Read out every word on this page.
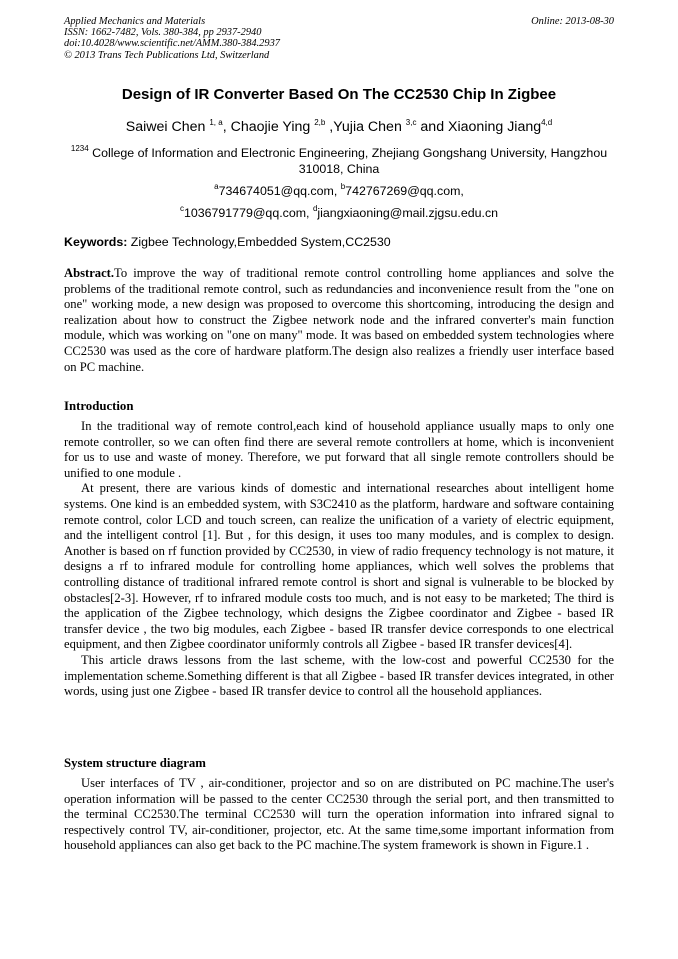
Applied Mechanics and Materials
ISSN: 1662-7482, Vols. 380-384, pp 2937-2940
doi:10.4028/www.scientific.net/AMM.380-384.2937
© 2013 Trans Tech Publications Ltd, Switzerland
Online: 2013-08-30
Design of IR Converter Based On The CC2530 Chip In Zigbee
Saiwei Chen $^{1, a}$, Chaojie Ying $^{2,b}$ ,Yujia Chen $^{3,c}$ and Xiaoning Jiang$^{4,d}$
$^{1234}$ College of Information and Electronic Engineering, Zhejiang Gongshang University, Hangzhou 310018, China
$^a$734674051@qq.com, $^b$742767269@qq.com,
$^c$1036791779@qq.com, $^d$jiangxiaoning@mail.zjgsu.edu.cn
Keywords: Zigbee Technology,Embedded System,CC2530

Abstract.To improve the way of traditional remote control controlling home appliances and solve the problems of the traditional remote control, such as redundancies and inconvenience result from the "one on one" working mode, a new design was proposed to overcome this shortcoming, introducing the design and realization about how to construct the Zigbee network node and the infrared converter's main function module, which was working on "one on many" mode. It was based on embedded system technologies where CC2530 was used as the core of hardware platform.The design also realizes a friendly user interface based on PC machine.

Introduction

In the traditional way of remote control,each kind of household appliance usually maps to only one remote controller, so we can often find there are several remote controllers at home, which is inconvenient for us to use and waste of money. Therefore, we put forward that all single remote controllers should be unified to one module .

At present, there are various kinds of domestic and international researches about intelligent home systems. One kind is an embedded system, with S3C2410 as the platform, hardware and software containing remote control, color LCD and touch screen, can realize the unification of a variety of electric equipment, and the intelligent control [1]. But , for this design, it uses too many modules, and is complex to design. Another is based on rf function provided by CC2530, in view of radio frequency technology is not mature, it designs a rf to infrared module for controlling home appliances, which well solves the problems that controlling distance of traditional infrared remote control is short and signal is vulnerable to be blocked by obstacles[2-3]. However, rf to infrared module costs too much, and is not easy to be marketed; The third is the application of the Zigbee technology, which designs the Zigbee coordinator and Zigbee - based IR transfer device , the two big modules, each Zigbee - based IR transfer device corresponds to one electrical equipment, and then Zigbee coordinator uniformly controls all Zigbee - based IR transfer devices[4].

This article draws lessons from the last scheme, with the low-cost and powerful CC2530 for the implementation scheme.Something different is that all Zigbee - based IR transfer devices integrated, in other words, using just one Zigbee - based IR transfer device to control all the household appliances.

System structure diagram

User interfaces of TV , air-conditioner, projector and so on are distributed on PC machine.The user's operation information will be passed to the center CC2530 through the serial port, and then transmitted to the terminal CC2530.The terminal CC2530 will turn the operation information into infrared signal to respectively control TV, air-conditioner, projector, etc. At the same time,some important information from household appliances can also get back to the PC machine.The system framework is shown in Figure.1 .
